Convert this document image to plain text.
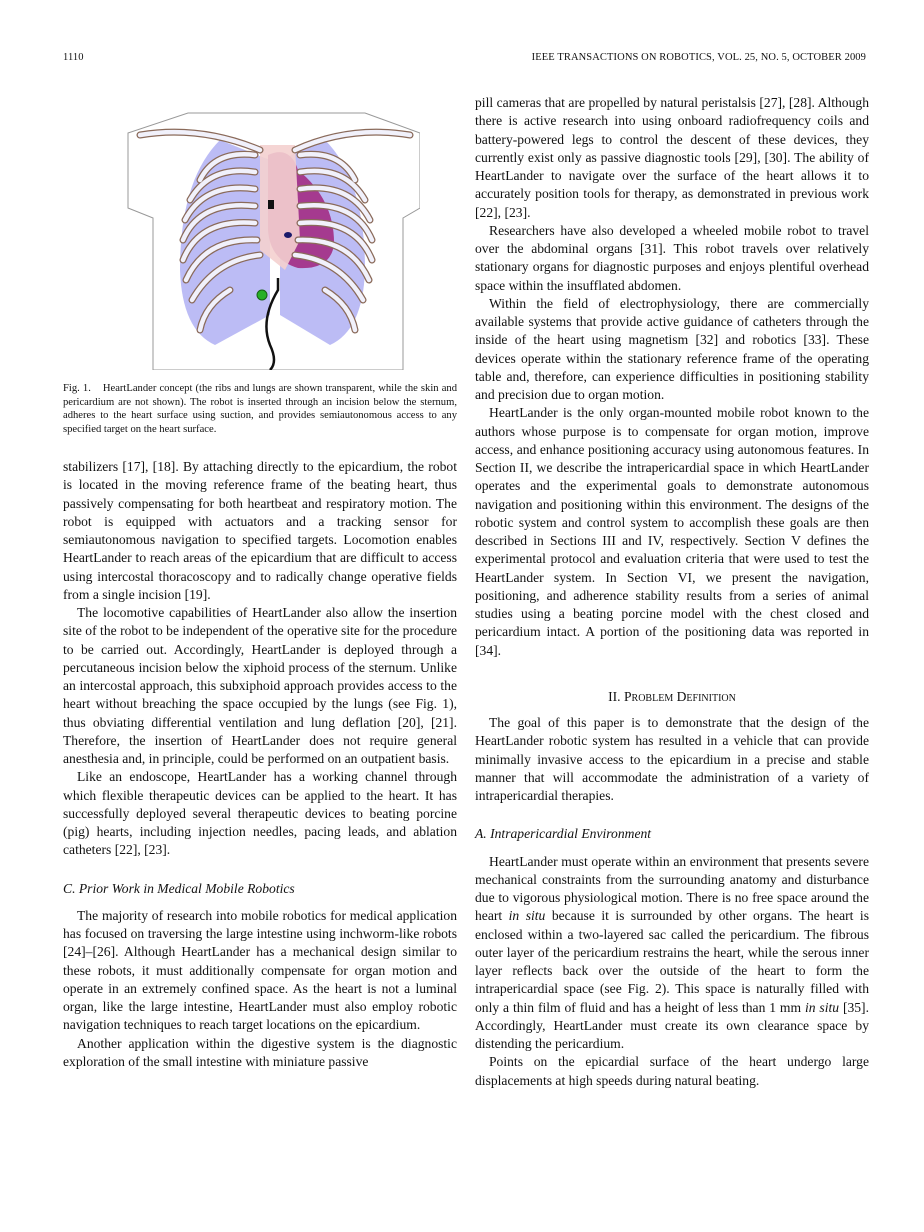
1110	IEEE TRANSACTIONS ON ROBOTICS, VOL. 25, NO. 5, OCTOBER 2009
Fig. 1. HeartLander concept (the ribs and lungs are shown transparent, while the skin and pericardium are not shown). The robot is inserted through an incision below the sternum, adheres to the heart surface using suction, and provides semiautonomous access to any specified target on the heart surface.

stabilizers [17], [18]. By attaching directly to the epicardium, the robot is located in the moving reference frame of the beating heart, thus passively compensating for both heartbeat and respiratory motion. The robot is equipped with actuators and a tracking sensor for semiautonomous navigation to specified targets. Locomotion enables HeartLander to reach areas of the epicardium that are difficult to access using intercostal thoracoscopy and to radically change operative fields from a single incision [19].

The locomotive capabilities of HeartLander also allow the insertion site of the robot to be independent of the operative site for the procedure to be carried out. Accordingly, HeartLander is deployed through a percutaneous incision below the xiphoid process of the sternum. Unlike an intercostal approach, this subxiphoid approach provides access to the heart without breaching the space occupied by the lungs (see Fig. 1), thus obviating differential ventilation and lung deflation [20], [21]. Therefore, the insertion of HeartLander does not require general anesthesia and, in principle, could be performed on an outpatient basis.

Like an endoscope, HeartLander has a working channel through which flexible therapeutic devices can be applied to the heart. It has successfully deployed several therapeutic devices to beating porcine (pig) hearts, including injection needles, pacing leads, and ablation catheters [22], [23].

C. Prior Work in Medical Mobile Robotics

The majority of research into mobile robotics for medical application has focused on traversing the large intestine using inchworm-like robots [24]–[26]. Although HeartLander has a mechanical design similar to these robots, it must additionally compensate for organ motion and operate in an extremely confined space. As the heart is not a luminal organ, like the large intestine, HeartLander must also employ robotic navigation techniques to reach target locations on the epicardium.

Another application within the digestive system is the diagnostic exploration of the small intestine with miniature passive

pill cameras that are propelled by natural peristalsis [27], [28]. Although there is active research into using onboard radiofrequency coils and battery-powered legs to control the descent of these devices, they currently exist only as passive diagnostic tools [29], [30]. The ability of HeartLander to navigate over the surface of the heart allows it to accurately position tools for therapy, as demonstrated in previous work [22], [23].

Researchers have also developed a wheeled mobile robot to travel over the abdominal organs [31]. This robot travels over relatively stationary organs for diagnostic purposes and enjoys plentiful overhead space within the insufflated abdomen.

Within the field of electrophysiology, there are commercially available systems that provide active guidance of catheters through the inside of the heart using magnetism [32] and robotics [33]. These devices operate within the stationary reference frame of the operating table and, therefore, can experience difficulties in positioning stability and precision due to organ motion.

HeartLander is the only organ-mounted mobile robot known to the authors whose purpose is to compensate for organ motion, improve access, and enhance positioning accuracy using autonomous features. In Section II, we describe the intrapericardial space in which HeartLander operates and the experimental goals to demonstrate autonomous navigation and positioning within this environment. The designs of the robotic system and control system to accomplish these goals are then described in Sections III and IV, respectively. Section V defines the experimental protocol and evaluation criteria that were used to test the HeartLander system. In Section VI, we present the navigation, positioning, and adherence stability results from a series of animal studies using a beating porcine model with the chest closed and pericardium intact. A portion of the positioning data was reported in [34].

II. Problem Definition

The goal of this paper is to demonstrate that the design of the HeartLander robotic system has resulted in a vehicle that can provide minimally invasive access to the epicardium in a precise and stable manner that will accommodate the administration of a variety of intrapericardial therapies.

A. Intrapericardial Environment

HeartLander must operate within an environment that presents severe mechanical constraints from the surrounding anatomy and disturbance due to vigorous physiological motion. There is no free space around the heart in situ because it is surrounded by other organs. The heart is enclosed within a two-layered sac called the pericardium. The fibrous outer layer of the pericardium restrains the heart, while the serous inner layer reflects back over the outside of the heart to form the intrapericardial space (see Fig. 2). This space is naturally filled with only a thin film of fluid and has a height of less than 1 mm in situ [35]. Accordingly, HeartLander must create its own clearance space by distending the pericardium.

Points on the epicardial surface of the heart undergo large displacements at high speeds during natural beating.
